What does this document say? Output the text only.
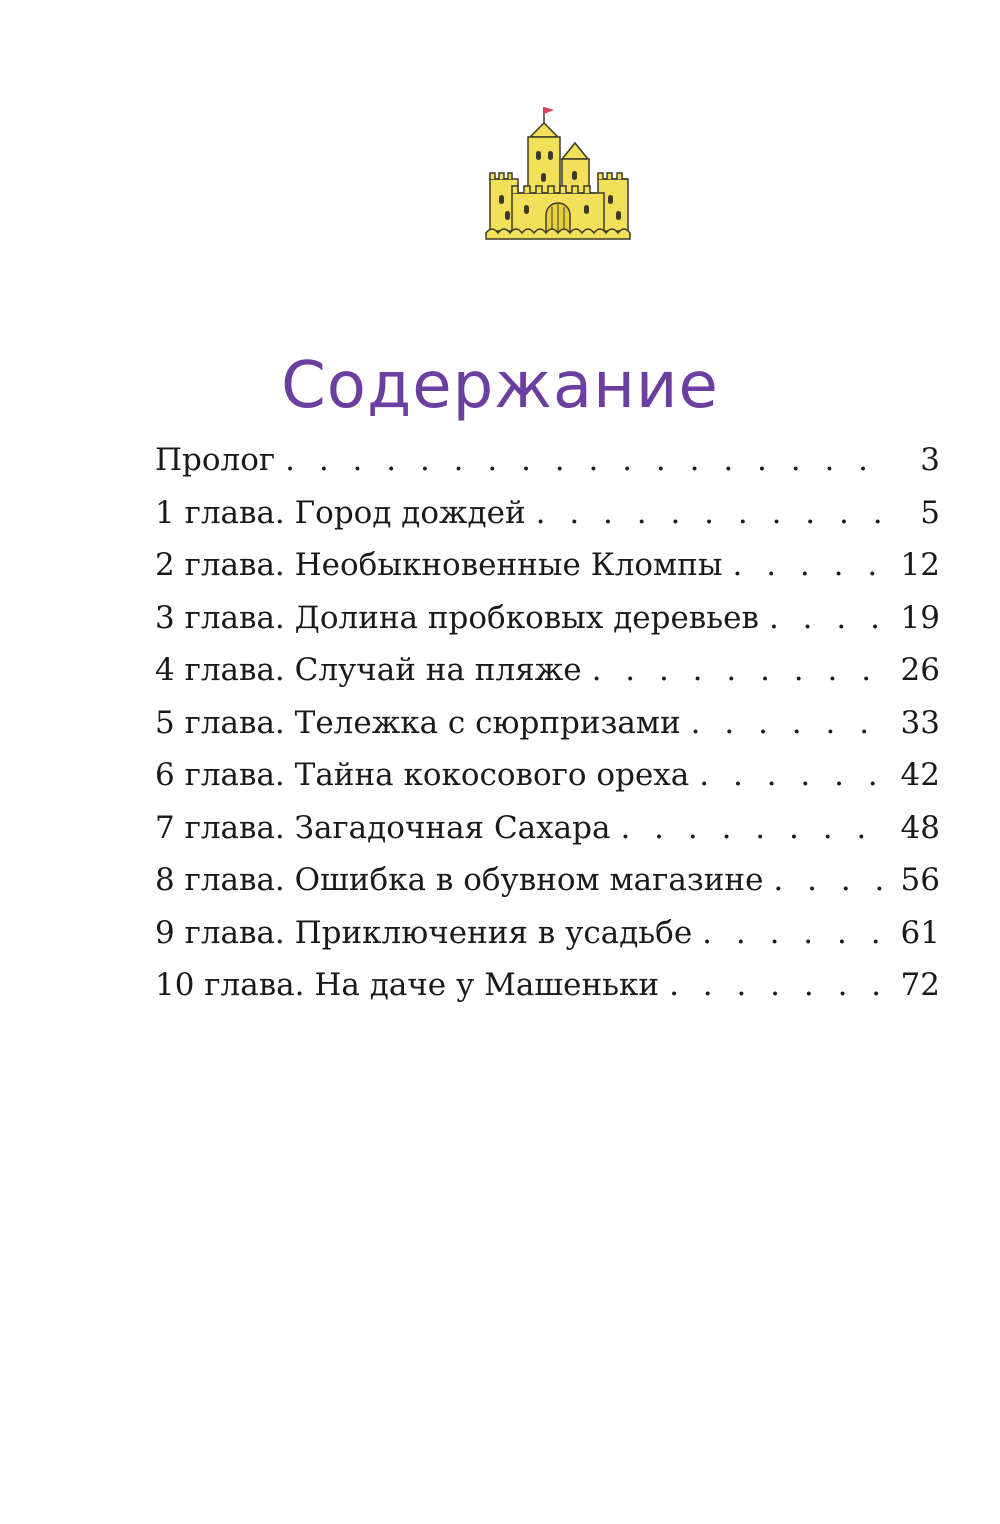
Содержание
Пролог . . .	3
1 глава. Город дождей . . .	5
2 глава. Необыкновенные Кломпы . . .	12
3 глава. Долина пробковых деревьев . . .	19
4 глава. Случай на пляже . . .	26
5 глава. Тележка с сюрпризами . . .	33
6 глава. Тайна кокосового ореха . . .	42
7 глава. Загадочная Сахара . . .	48
8 глава. Ошибка в обувном магазине . . .	56
9 глава. Приключения в усадьбе . . .	61
10 глава. На даче у Машеньки . . .	72
